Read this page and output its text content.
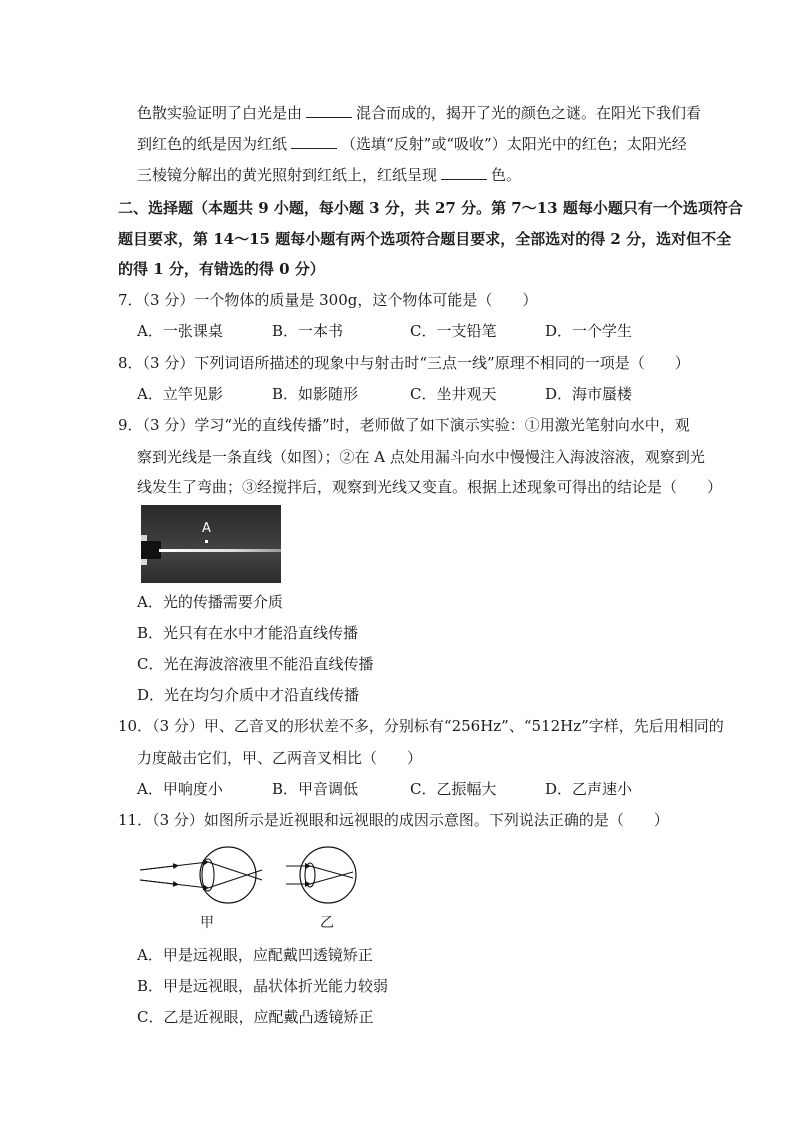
色散实验证明了白光是由	混合而成的，揭开了光的颜色之谜。在阳光下我们看
到红色的纸是因为红纸	（选填“反射”或“吸收”）太阳光中的红色；太阳光经
三棱镜分解出的黄光照射到红纸上，红纸呈现	色。
二、选择题（本题共 9 小题，每小题 3 分，共 27 分。第 7～13 题每小题只有一个选项符合
题目要求，第 14～15 题每小题有两个选项符合题目要求，全部选对的得 2 分，选对但不全
的得 1 分，有错选的得 0 分）
7．（3 分）一个物体的质量是 300g，这个物体可能是（　　）
A．一张课桌	B．一本书	C．一支铅笔	D．一个学生
8．（3 分）下列词语所描述的现象中与射击时“三点一线”原理不相同的一项是（　　）
A．立竿见影	B．如影随形	C．坐井观天	D．海市蜃楼
9．（3 分）学习“光的直线传播”时，老师做了如下演示实验：①用激光笔射向水中，观
察到光线是一条直线（如图）；②在 A 点处用漏斗向水中慢慢注入海波溶液，观察到光
线发生了弯曲；③经搅拌后，观察到光线又变直。根据上述现象可得出的结论是（　　）
A
A．光的传播需要介质
B．光只有在水中才能沿直线传播
C．光在海波溶液里不能沿直线传播
D．光在均匀介质中才沿直线传播
10．（3 分）甲、乙音叉的形状差不多，分别标有“256Hz”、“512Hz”字样，先后用相同的
力度敲击它们，甲、乙两音叉相比（　　）
A．甲响度小	B．甲音调低	C．乙振幅大	D．乙声速小
11．（3 分）如图所示是近视眼和远视眼的成因示意图。下列说法正确的是（　　）
甲	乙
A．甲是远视眼，应配戴凹透镜矫正
B．甲是远视眼，晶状体折光能力较弱
C．乙是近视眼，应配戴凸透镜矫正
